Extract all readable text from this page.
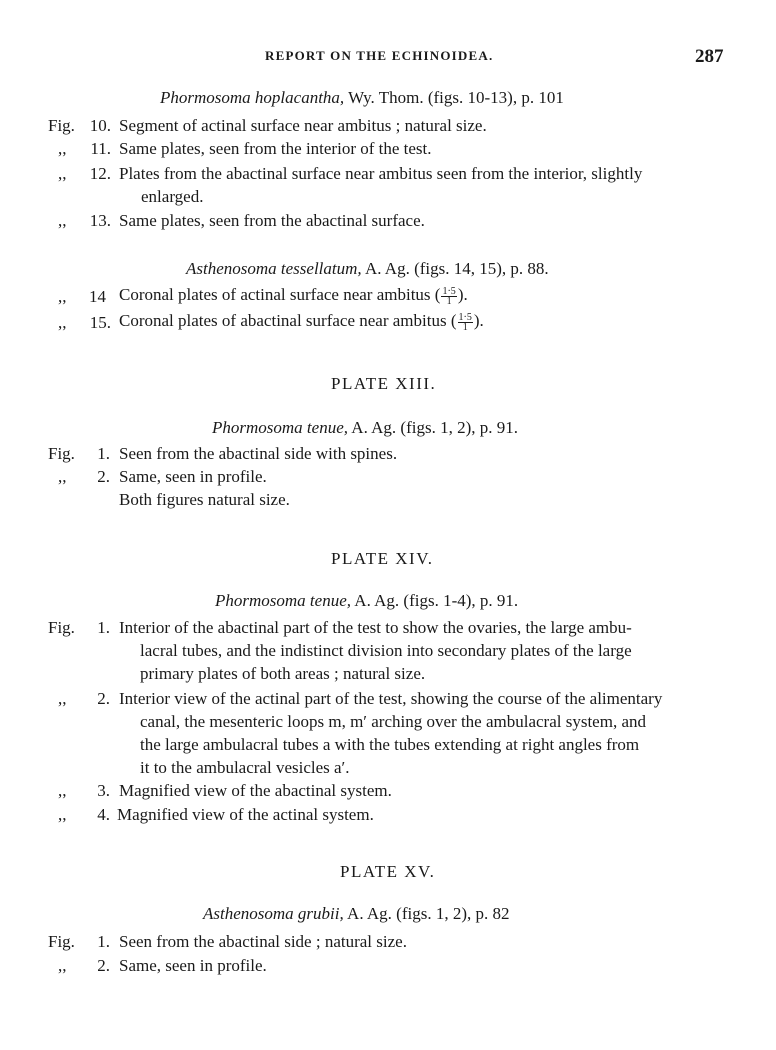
REPORT ON THE ECHINOIDEA.	287
Phormosoma hoplacantha, Wy. Thom. (figs. 10-13), p. 101
Fig. 10. Segment of actinal surface near ambitus ; natural size.
,,	11. Same plates, seen from the interior of the test.
,,	12. Plates from the abactinal surface near ambitus seen from the interior, slightly
enlarged.
,,	13. Same plates, seen from the abactinal surface.
Asthenosoma tessellatum, A. Ag. (figs. 14, 15), p. 88.
,,	14 Coronal plates of actinal surface near ambitus ( $\frac{1\cdot 5}{1}$ ).
,,	15. Coronal plates of abactinal surface near ambitus ( $\frac{1\cdot 5}{1}$ ).
PLATE XIII.
Phormosoma tenue, A. Ag. (figs. 1, 2), p. 91.
Fig.	1. Seen from the abactinal side with spines.
,,	2. Same, seen in profile.
Both figures natural size.
PLATE XIV.
Phormosoma tenue, A. Ag. (figs. 1-4), p. 91.
Fig.	1. Interior of the abactinal part of the test to show the ovaries, the large ambu-
lacral tubes, and the indistinct division into secondary plates of the large
primary plates of both areas ; natural size.
,,	2. Interior view of the actinal part of the test, showing the course of the alimentary
canal, the mesenteric loops m, m′ arching over the ambulacral system, and
the large ambulacral tubes a with the tubes extending at right angles from
it to the ambulacral vesicles a′.
,,	3. Magnified view of the abactinal system.
,,	4. Magnified view of the actinal system.
PLATE XV.
Asthenosoma grubii, A. Ag. (figs. 1, 2), p. 82
Fig.	1. Seen from the abactinal side ; natural size.
,,	2. Same, seen in profile.
